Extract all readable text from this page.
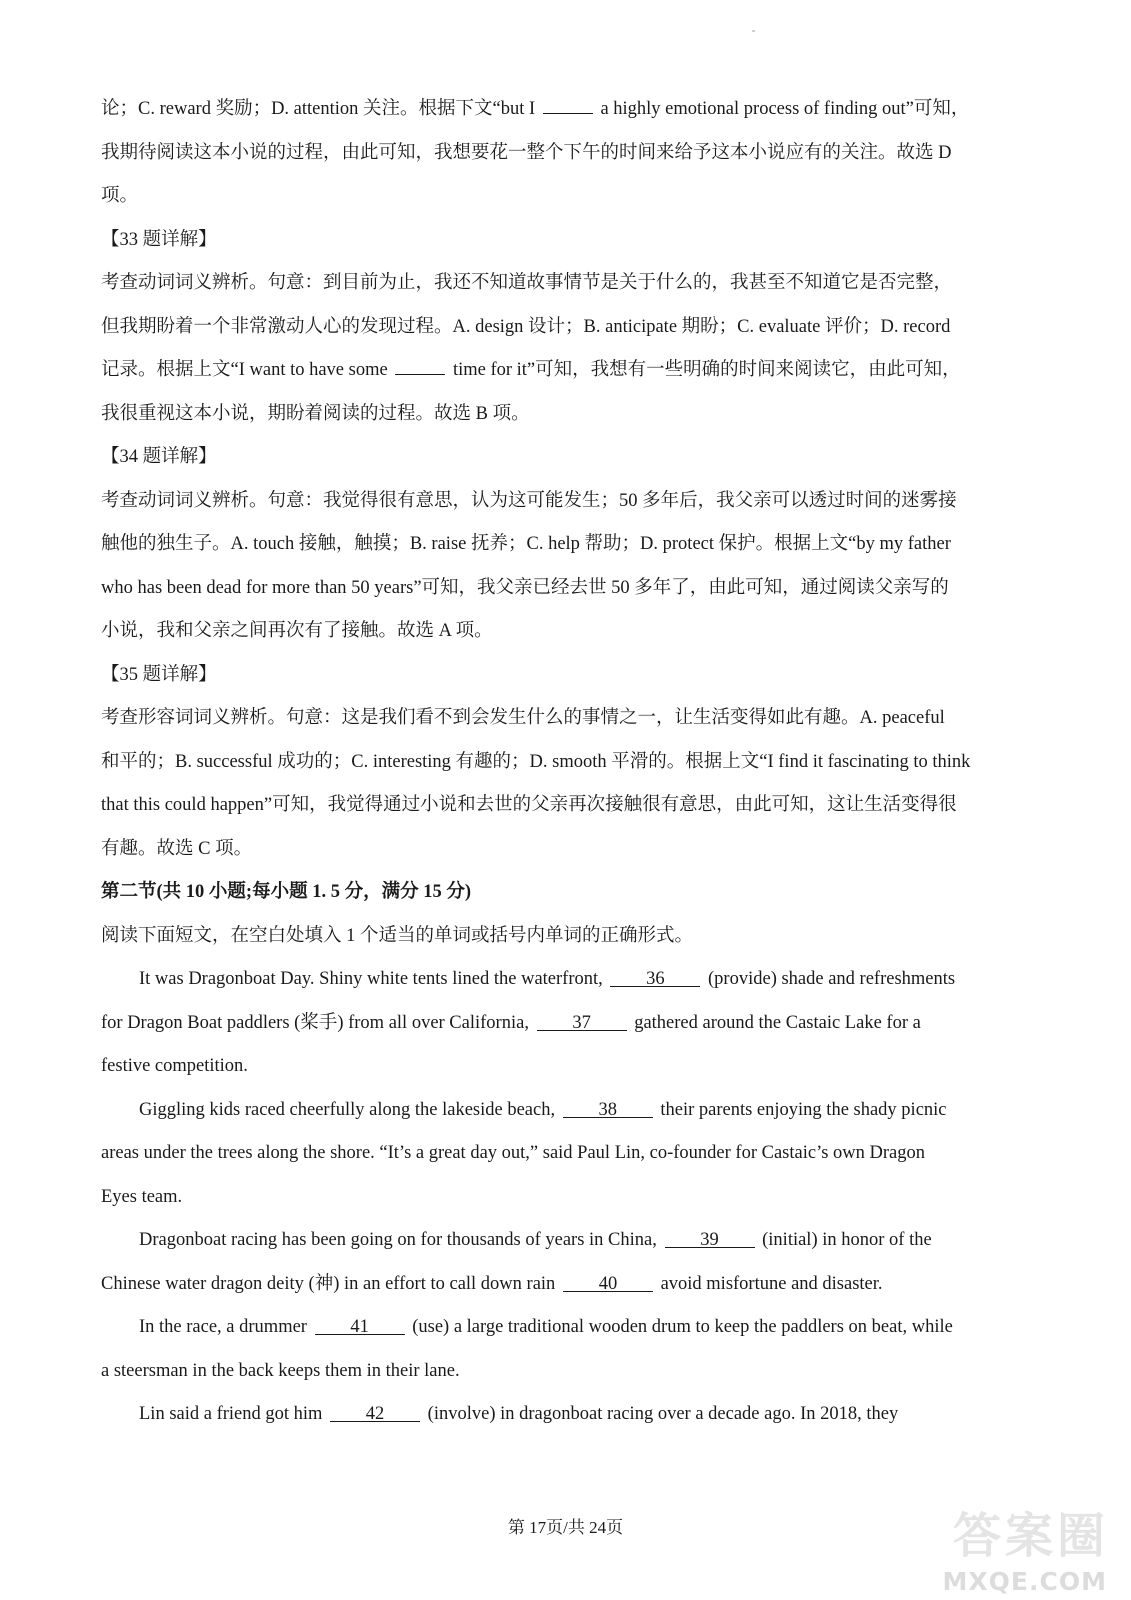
论；C. reward 奖励；D. attention 关注。根据下文“but I	a highly emotional process of finding out”可知，
我期待阅读这本小说的过程，由此可知，我想要花一整个下午的时间来给予这本小说应有的关注。故选 D
项。
【33 题详解】
考查动词词义辨析。句意：到目前为止，我还不知道故事情节是关于什么的，我甚至不知道它是否完整，
但我期盼着一个非常激动人心的发现过程。A. design 设计；B. anticipate 期盼；C. evaluate 评价；D. record
记录。根据上文“I want to have some	time for it”可知，我想有一些明确的时间来阅读它，由此可知，
我很重视这本小说，期盼着阅读的过程。故选 B 项。
【34 题详解】
考查动词词义辨析。句意：我觉得很有意思，认为这可能发生；50 多年后，我父亲可以透过时间的迷雾接
触他的独生子。A. touch 接触，触摸；B. raise 抚养；C. help 帮助；D. protect 保护。根据上文“by my father
who has been dead for more than 50 years”可知，我父亲已经去世 50 多年了，由此可知，通过阅读父亲写的
小说，我和父亲之间再次有了接触。故选 A 项。
【35 题详解】
考查形容词词义辨析。句意：这是我们看不到会发生什么的事情之一，让生活变得如此有趣。A. peaceful
和平的；B. successful 成功的；C. interesting 有趣的；D. smooth 平滑的。根据上文“I find it fascinating to think
that this could happen”可知，我觉得通过小说和去世的父亲再次接触很有意思，由此可知，这让生活变得很
有趣。故选 C 项。
第二节(共 10 小题;每小题 1. 5 分，满分 15 分)
阅读下面短文，在空白处填入 1 个适当的单词或括号内单词的正确形式。
It was Dragonboat Day. Shiny white tents lined the waterfront, 36 (provide) shade and refreshments
for Dragon Boat paddlers (桨手) from all over California, 37 gathered around the Castaic Lake for a
festive competition.
Giggling kids raced cheerfully along the lakeside beach, 38 their parents enjoying the shady picnic
areas under the trees along the shore. “It’s a great day out,” said Paul Lin, co-founder for Castaic’s own Dragon
Eyes team.
Dragonboat racing has been going on for thousands of years in China, 39 (initial) in honor of the
Chinese water dragon deity (神) in an effort to call down rain 40 avoid misfortune and disaster.
In the race, a drummer 41 (use) a large traditional wooden drum to keep the paddlers on beat, while
a steersman in the back keeps them in their lane.
Lin said a friend got him 42 (involve) in dragonboat racing over a decade ago. In 2018, they
第 17页/共 24页	答案圈
MXQE.COM
